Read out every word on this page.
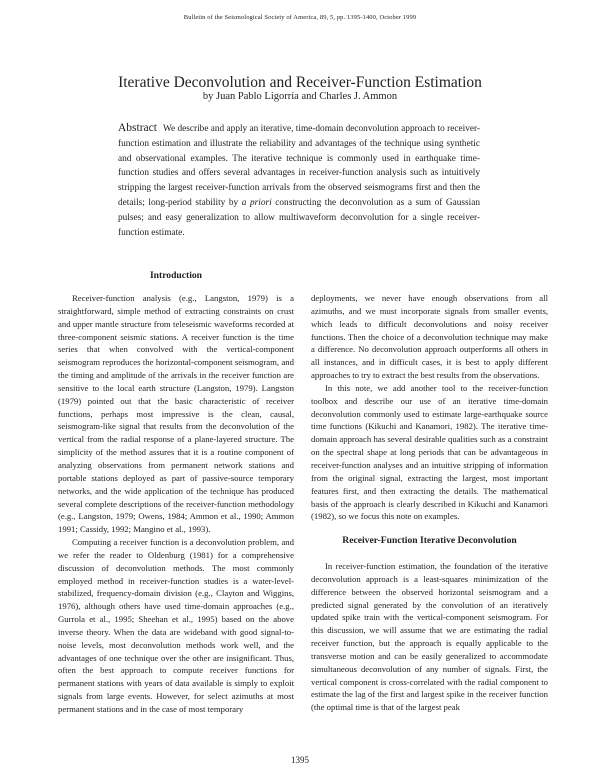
Bulletin of the Seismological Society of America, 89, 5, pp. 1395-1400, October 1999
Iterative Deconvolution and Receiver-Function Estimation
by Juan Pablo Ligorría and Charles J. Ammon
Abstract We describe and apply an iterative, time-domain deconvolution approach to receiver-function estimation and illustrate the reliability and advantages of the technique using synthetic and observational examples. The iterative technique is commonly used in earthquake time-function studies and offers several advantages in receiver-function analysis such as intuitively stripping the largest receiver-function arrivals from the observed seismograms first and then the details; long-period stability by a priori constructing the deconvolution as a sum of Gaussian pulses; and easy generalization to allow multiwaveform deconvolution for a single receiver-function estimate.
Introduction

Receiver-function analysis (e.g., Langston, 1979) is a straightforward, simple method of extracting constraints on crust and upper mantle structure from teleseismic waveforms recorded at three-component seismic stations. A receiver function is the time series that when convolved with the vertical-component seismogram reproduces the horizontal-component seismogram, and the timing and amplitude of the arrivals in the receiver function are sensitive to the local earth structure (Langston, 1979). Langston (1979) pointed out that the basic characteristic of receiver functions, perhaps most impressive is the clean, causal, seismogram-like signal that results from the deconvolution of the vertical from the radial response of a plane-layered structure. The simplicity of the method assures that it is a routine component of analyzing observations from permanent network stations and portable stations deployed as part of passive-source temporary networks, and the wide application of the technique has produced several complete descriptions of the receiver-function methodology (e.g., Langston, 1979; Owens, 1984; Ammon et al., 1990; Ammon 1991; Cassidy, 1992; Mangino et al., 1993).

Computing a receiver function is a deconvolution problem, and we refer the reader to Oldenburg (1981) for a comprehensive discussion of deconvolution methods. The most commonly employed method in receiver-function studies is a water-level-stabilized, frequency-domain division (e.g., Clayton and Wiggins, 1976), although others have used time-domain approaches (e.g., Gurrola et al., 1995; Sheehan et al., 1995) based on the above inverse theory. When the data are wideband with good signal-to-noise levels, most deconvolution methods work well, and the advantages of one technique over the other are insignificant. Thus, often the best approach to compute receiver functions for permanent stations with years of data available is simply to exploit signals from large events. However, for select azimuths at most permanent stations and in the case of most temporary

deployments, we never have enough observations from all azimuths, and we must incorporate signals from smaller events, which leads to difficult deconvolutions and noisy receiver functions. Then the choice of a deconvolution technique may make a difference. No deconvolution approach outperforms all others in all instances, and in difficult cases, it is best to apply different approaches to try to extract the best results from the observations.

In this note, we add another tool to the receiver-function toolbox and describe our use of an iterative time-domain deconvolution commonly used to estimate large-earthquake source time functions (Kikuchi and Kanamori, 1982). The iterative time-domain approach has several desirable qualities such as a constraint on the spectral shape at long periods that can be advantageous in receiver-function analyses and an intuitive stripping of information from the original signal, extracting the largest, most important features first, and then extracting the details. The mathematical basis of the approach is clearly described in Kikuchi and Kanamori (1982), so we focus this note on examples.

Receiver-Function Iterative Deconvolution

In receiver-function estimation, the foundation of the iterative deconvolution approach is a least-squares minimization of the difference between the observed horizontal seismogram and a predicted signal generated by the convolution of an iteratively updated spike train with the vertical-component seismogram. For this discussion, we will assume that we are estimating the radial receiver function, but the approach is equally applicable to the transverse motion and can be easily generalized to accommodate simultaneous deconvolution of any number of signals. First, the vertical component is cross-correlated with the radial component to estimate the lag of the first and largest spike in the receiver function (the optimal time is that of the largest peak

1395
